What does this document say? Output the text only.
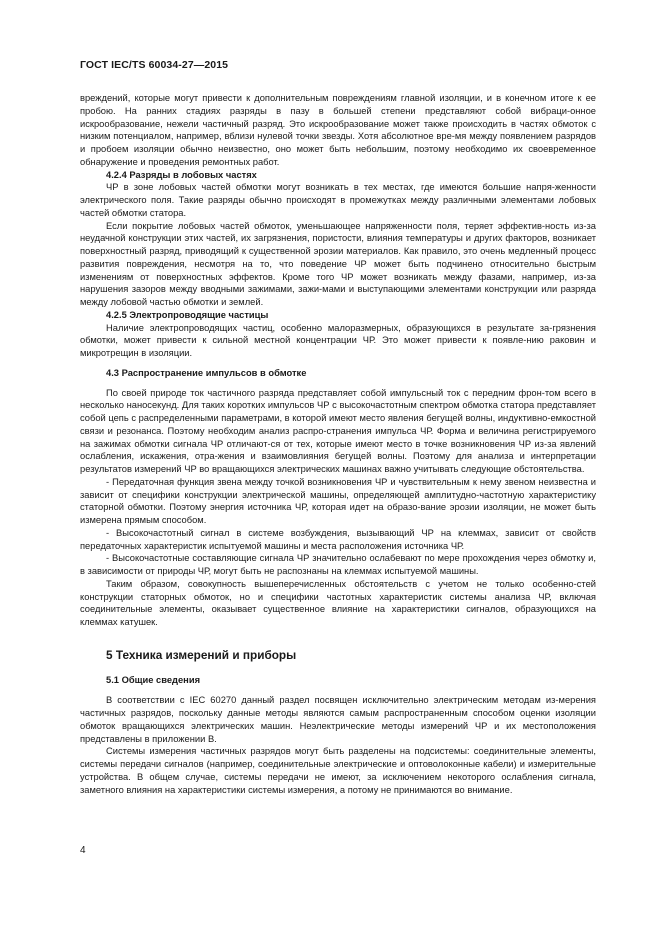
ГОСТ IEC/TS 60034-27—2015

вреждений, которые могут привести к дополнительным повреждениям главной изоляции, и в конечном итоге к ее пробою. На ранних стадиях разряды в пазу в большей степени представляют собой вибраци-онное искрообразование, нежели частичный разряд. Это искрообразование может также происходить в частях обмоток с низким потенциалом, например, вблизи нулевой точки звезды. Хотя абсолютное вре-мя между появлением разрядов и пробоем изоляции обычно неизвестно, оно может быть небольшим, поэтому необходимо их своевременное обнаружение и проведения ремонтных работ.

4.2.4 Разряды в лобовых частях

ЧР в зоне лобовых частей обмотки могут возникать в тех местах, где имеются большие напря-женности электрического поля. Такие разряды обычно происходят в промежутках между различными элементами лобовых частей обмотки статора.

Если покрытие лобовых частей обмоток, уменьшающее напряженности поля, теряет эффектив-ность из-за неудачной конструкции этих частей, их загрязнения, пористости, влияния температуры и других факторов, возникает поверхностный разряд, приводящий к существенной эрозии материалов. Как правило, это очень медленный процесс развития повреждения, несмотря на то, что поведение ЧР может быть подчинено относительно быстрым изменениям от поверхностных эффектов. Кроме того ЧР может возникать между фазами, например, из-за нарушения зазоров между вводными зажимами, зажи-мами и выступающими элементами конструкции или разряда между лобовой частью обмотки и землей.

4.2.5 Электропроводящие частицы

Наличие электропроводящих частиц, особенно малоразмерных, образующихся в результате за-грязнения обмотки, может привести к сильной местной концентрации ЧР. Это может привести к появле-нию раковин и микротрещин в изоляции.

4.3 Распространение импульсов в обмотке

По своей природе ток частичного разряда представляет собой импульсный ток с передним фрон-том всего в несколько наносекунд. Для таких коротких импульсов ЧР с высокочастотным спектром обмотка статора представляет собой цепь с распределенными параметрами, в которой имеют место явления бегущей волны, индуктивно-емкостной связи и резонанса. Поэтому необходим анализ распро-странения импульса ЧР. Форма и величина регистрируемого на зажимах обмотки сигнала ЧР отличают-ся от тех, которые имеют место в точке возникновения ЧР из-за явлений ослабления, искажения, отра-жения и взаимовлияния бегущей волны. Поэтому для анализа и интерпретации результатов измерений ЧР во вращающихся электрических машинах важно учитывать следующие обстоятельства.

- Передаточная функция звена между точкой возникновения ЧР и чувствительным к нему звеном неизвестна и зависит от специфики конструкции электрической машины, определяющей амплитудно-частотную характеристику статорной обмотки. Поэтому энергия источника ЧР, которая идет на образо-вание эрозии изоляции, не может быть измерена прямым способом.

- Высокочастотный сигнал в системе возбуждения, вызывающий ЧР на клеммах, зависит от свойств передаточных характеристик испытуемой машины и места расположения источника ЧР.

- Высокочастотные составляющие сигнала ЧР значительно ослабевают по мере прохождения через обмотку и, в зависимости от природы ЧР, могут быть не распознаны на клеммах испытуемой машины.

Таким образом, совокупность вышеперечисленных обстоятельств с учетом не только особенно-стей конструкции статорных обмоток, но и специфики частотных характеристик системы анализа ЧР, включая соединительные элементы, оказывает существенное влияние на характеристики сигналов, образующихся на клеммах катушек.

5 Техника измерений и приборы

5.1 Общие сведения

В соответствии с IEC 60270 данный раздел посвящен исключительно электрическим методам из-мерения частичных разрядов, поскольку данные методы являются самым распространенным способом оценки изоляции обмоток вращающихся электрических машин. Неэлектрические методы измерений ЧР и их местоположения представлены в приложении В.

Системы измерения частичных разрядов могут быть разделены на подсистемы: соединительные элементы, системы передачи сигналов (например, соединительные электрические и оптоволоконные кабели) и измерительные устройства. В общем случае, системы передачи не имеют, за исключением некоторого ослабления сигнала, заметного влияния на характеристики системы измерения, а потому не принимаются во внимание.

4
